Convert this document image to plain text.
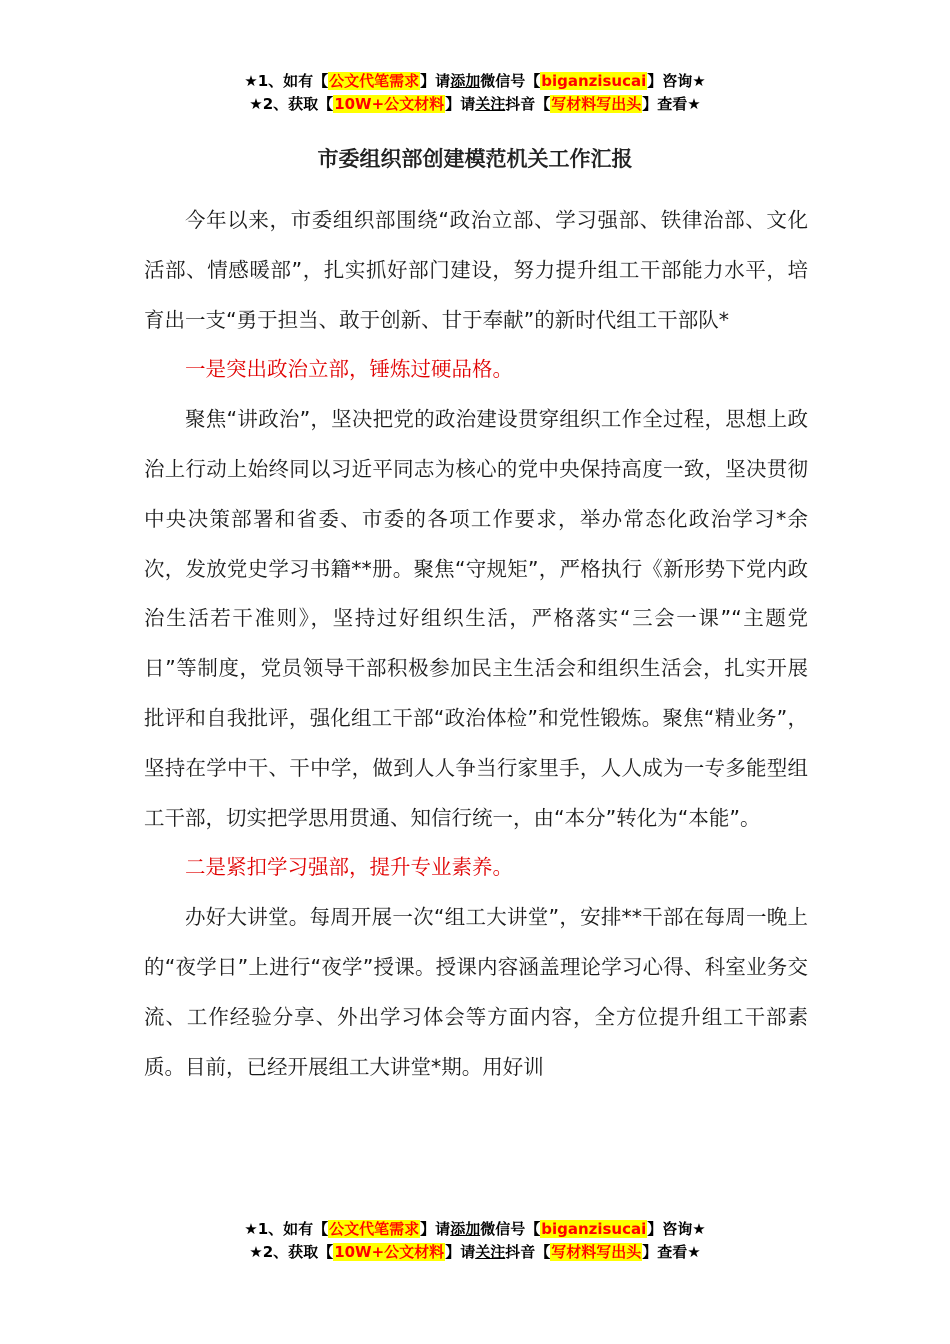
★1、如有【公文代笔需求】请添加微信号【biganzisucai】咨询★
★2、获取【10W+公文材料】请关注抖音【写材料写出头】查看★
市委组织部创建模范机关工作汇报

今年以来，市委组织部围绕“政治立部、学习强部、铁律治部、文化活部、情感暖部”，扎实抓好部门建设，努力提升组工干部能力水平，培育出一支“勇于担当、敢于创新、甘于奉献”的新时代组工干部队*

一是突出政治立部，锤炼过硬品格。

聚焦“讲政治”，坚决把党的政治建设贯穿组织工作全过程，思想上政治上行动上始终同以习近平同志为核心的党中央保持高度一致，坚决贯彻中央决策部署和省委、市委的各项工作要求，举办常态化政治学习*余次，发放党史学习书籍**册。聚焦“守规矩”，严格执行《新形势下党内政治生活若干准则》，坚持过好组织生活，严格落实“三会一课”“主题党日”等制度，党员领导干部积极参加民主生活会和组织生活会，扎实开展批评和自我批评，强化组工干部“政治体检”和党性锻炼。聚焦“精业务”，坚持在学中干、干中学，做到人人争当行家里手，人人成为一专多能型组工干部，切实把学思用贯通、知信行统一，由“本分”转化为“本能”。

二是紧扣学习强部，提升专业素养。

办好大讲堂。每周开展一次“组工大讲堂”，安排**干部在每周一晚上的“夜学日”上进行“夜学”授课。授课内容涵盖理论学习心得、科室业务交流、工作经验分享、外出学习体会等方面内容，全方位提升组工干部素质。目前，已经开展组工大讲堂*期。用好训

★1、如有【公文代笔需求】请添加微信号【biganzisucai】咨询★
★2、获取【10W+公文材料】请关注抖音【写材料写出头】查看★
